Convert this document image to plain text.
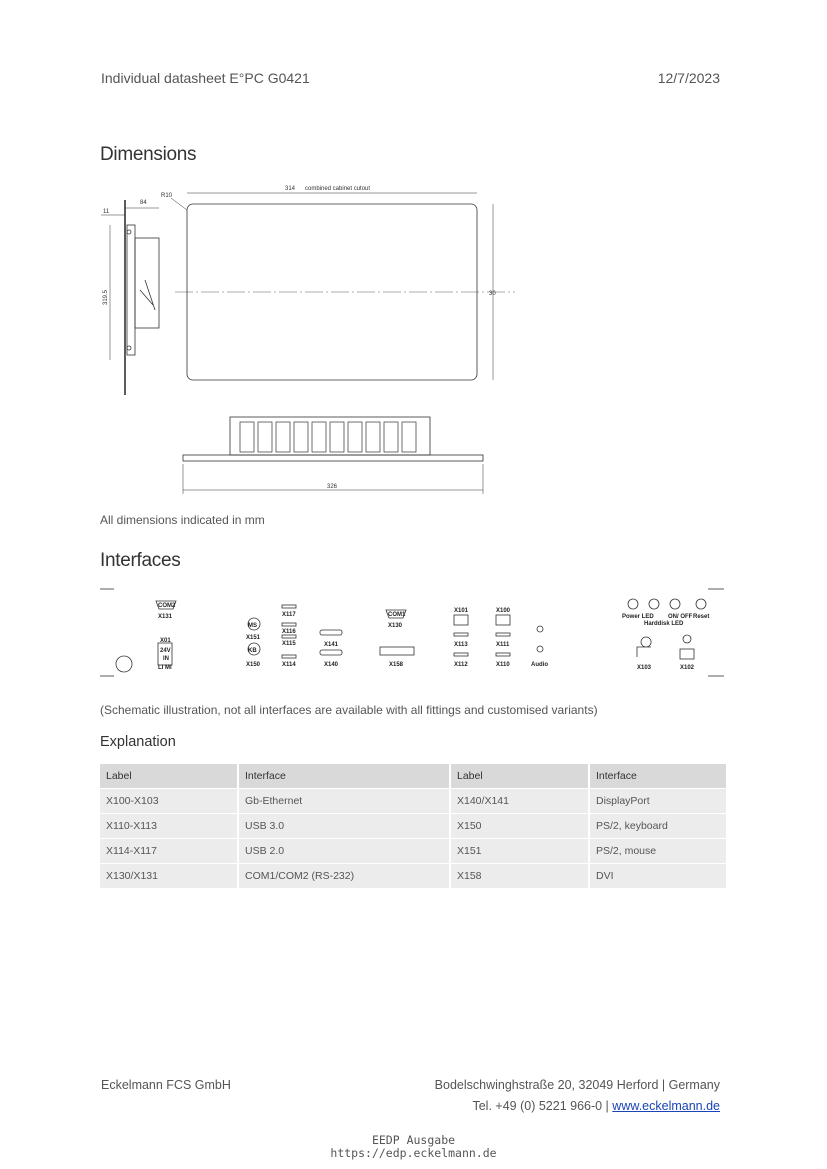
Individual datasheet E°PC G0421	12/7/2023
Dimensions
11
84
R10
314 combined cabinet cutout
319.5	30
326
All dimensions indicated in mm
Interfaces
COM2
X131
X01
24V
IN
LI MI
MS
X151
KB
X150
X117
X116
X115
X114
X141
X140
COM1
X130
X158
X101
X113
X112
X100
X111
X110	Audio
Power LED
Harddisk LED
ON/ OFF Reset
X103	X102
(Schematic illustration, not all interfaces are available with all fittings and customised variants)
Explanation
Label	Interface	Label	Interface
X100-X103	Gb-Ethernet	X140/X141	DisplayPort
X110-X113	USB 3.0	X150	PS/2, keyboard
X114-X117	USB 2.0	X151	PS/2, mouse
X130/X131	COM1/COM2 (RS-232)	X158	DVI
Eckelmann FCS GmbH	Bodelschwinghstraße 20, 32049 Herford | Germany
Tel. +49 (0) 5221 966-0 | www.eckelmann.de
EEDP Ausgabe
https://edp.eckelmann.de
